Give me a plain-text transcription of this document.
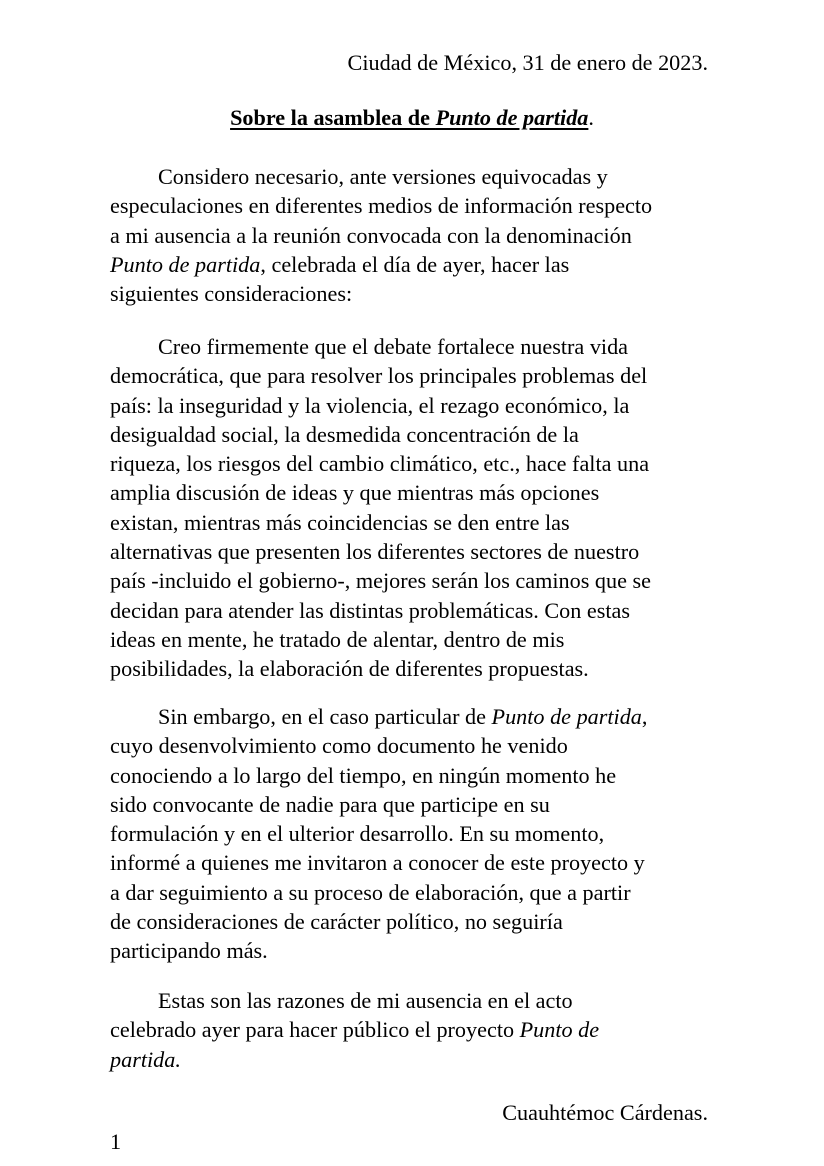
Ciudad de México, 31 de enero de 2023.
Sobre la asamblea de Punto de partida.
Considero necesario, ante versiones equivocadas y
especulaciones en diferentes medios de información respecto
a mi ausencia a la reunión convocada con la denominación
Punto de partida, celebrada el día de ayer, hacer las
siguientes consideraciones:
Creo firmemente que el debate fortalece nuestra vida
democrática, que para resolver los principales problemas del
país: la inseguridad y la violencia, el rezago económico, la
desigualdad social, la desmedida concentración de la
riqueza, los riesgos del cambio climático, etc., hace falta una
amplia discusión de ideas y que mientras más opciones
existan, mientras más coincidencias se den entre las
alternativas que presenten los diferentes sectores de nuestro
país -incluido el gobierno-, mejores serán los caminos que se
decidan para atender las distintas problemáticas. Con estas
ideas en mente, he tratado de alentar, dentro de mis
posibilidades, la elaboración de diferentes propuestas.
Sin embargo, en el caso particular de Punto de partida,
cuyo desenvolvimiento como documento he venido
conociendo a lo largo del tiempo, en ningún momento he
sido convocante de nadie para que participe en su
formulación y en el ulterior desarrollo. En su momento,
informé a quienes me invitaron a conocer de este proyecto y
a dar seguimiento a su proceso de elaboración, que a partir
de consideraciones de carácter político, no seguiría
participando más.
Estas son las razones de mi ausencia en el acto
celebrado ayer para hacer público el proyecto Punto de
partida.
Cuauhtémoc Cárdenas.
1
